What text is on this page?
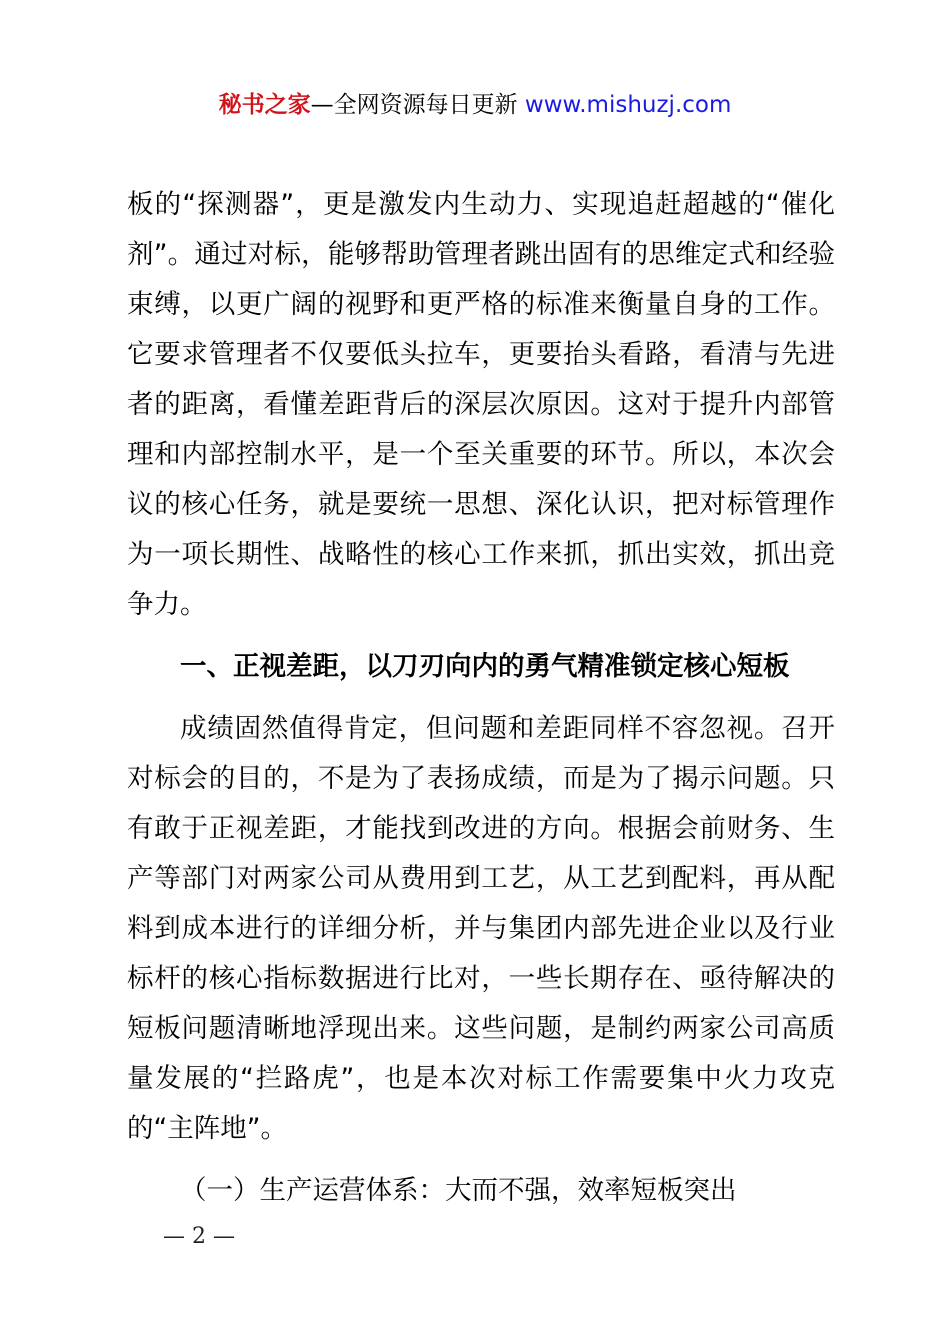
秘书之家—全网资源每日更新 www.mishuzj.com

板的“探测器”，更是激发内生动力、实现追赶超越的“催化剂”。通过对标，能够帮助管理者跳出固有的思维定式和经验束缚，以更广阔的视野和更严格的标准来衡量自身的工作。它要求管理者不仅要低头拉车，更要抬头看路，看清与先进者的距离，看懂差距背后的深层次原因。这对于提升内部管理和内部控制水平，是一个至关重要的环节。所以，本次会议的核心任务，就是要统一思想、深化认识，把对标管理作为一项长期性、战略性的核心工作来抓，抓出实效，抓出竞争力。

一、正视差距，以刀刃向内的勇气精准锁定核心短板

成绩固然值得肯定，但问题和差距同样不容忽视。召开对标会的目的，不是为了表扬成绩，而是为了揭示问题。只有敢于正视差距，才能找到改进的方向。根据会前财务、生产等部门对两家公司从费用到工艺，从工艺到配料，再从配料到成本进行的详细分析，并与集团内部先进企业以及行业标杆的核心指标数据进行比对，一些长期存在、亟待解决的短板问题清晰地浮现出来。这些问题，是制约两家公司高质量发展的“拦路虎”，也是本次对标工作需要集中火力攻克的“主阵地”。

（一）生产运营体系：大而不强，效率短板突出

— 2 —
